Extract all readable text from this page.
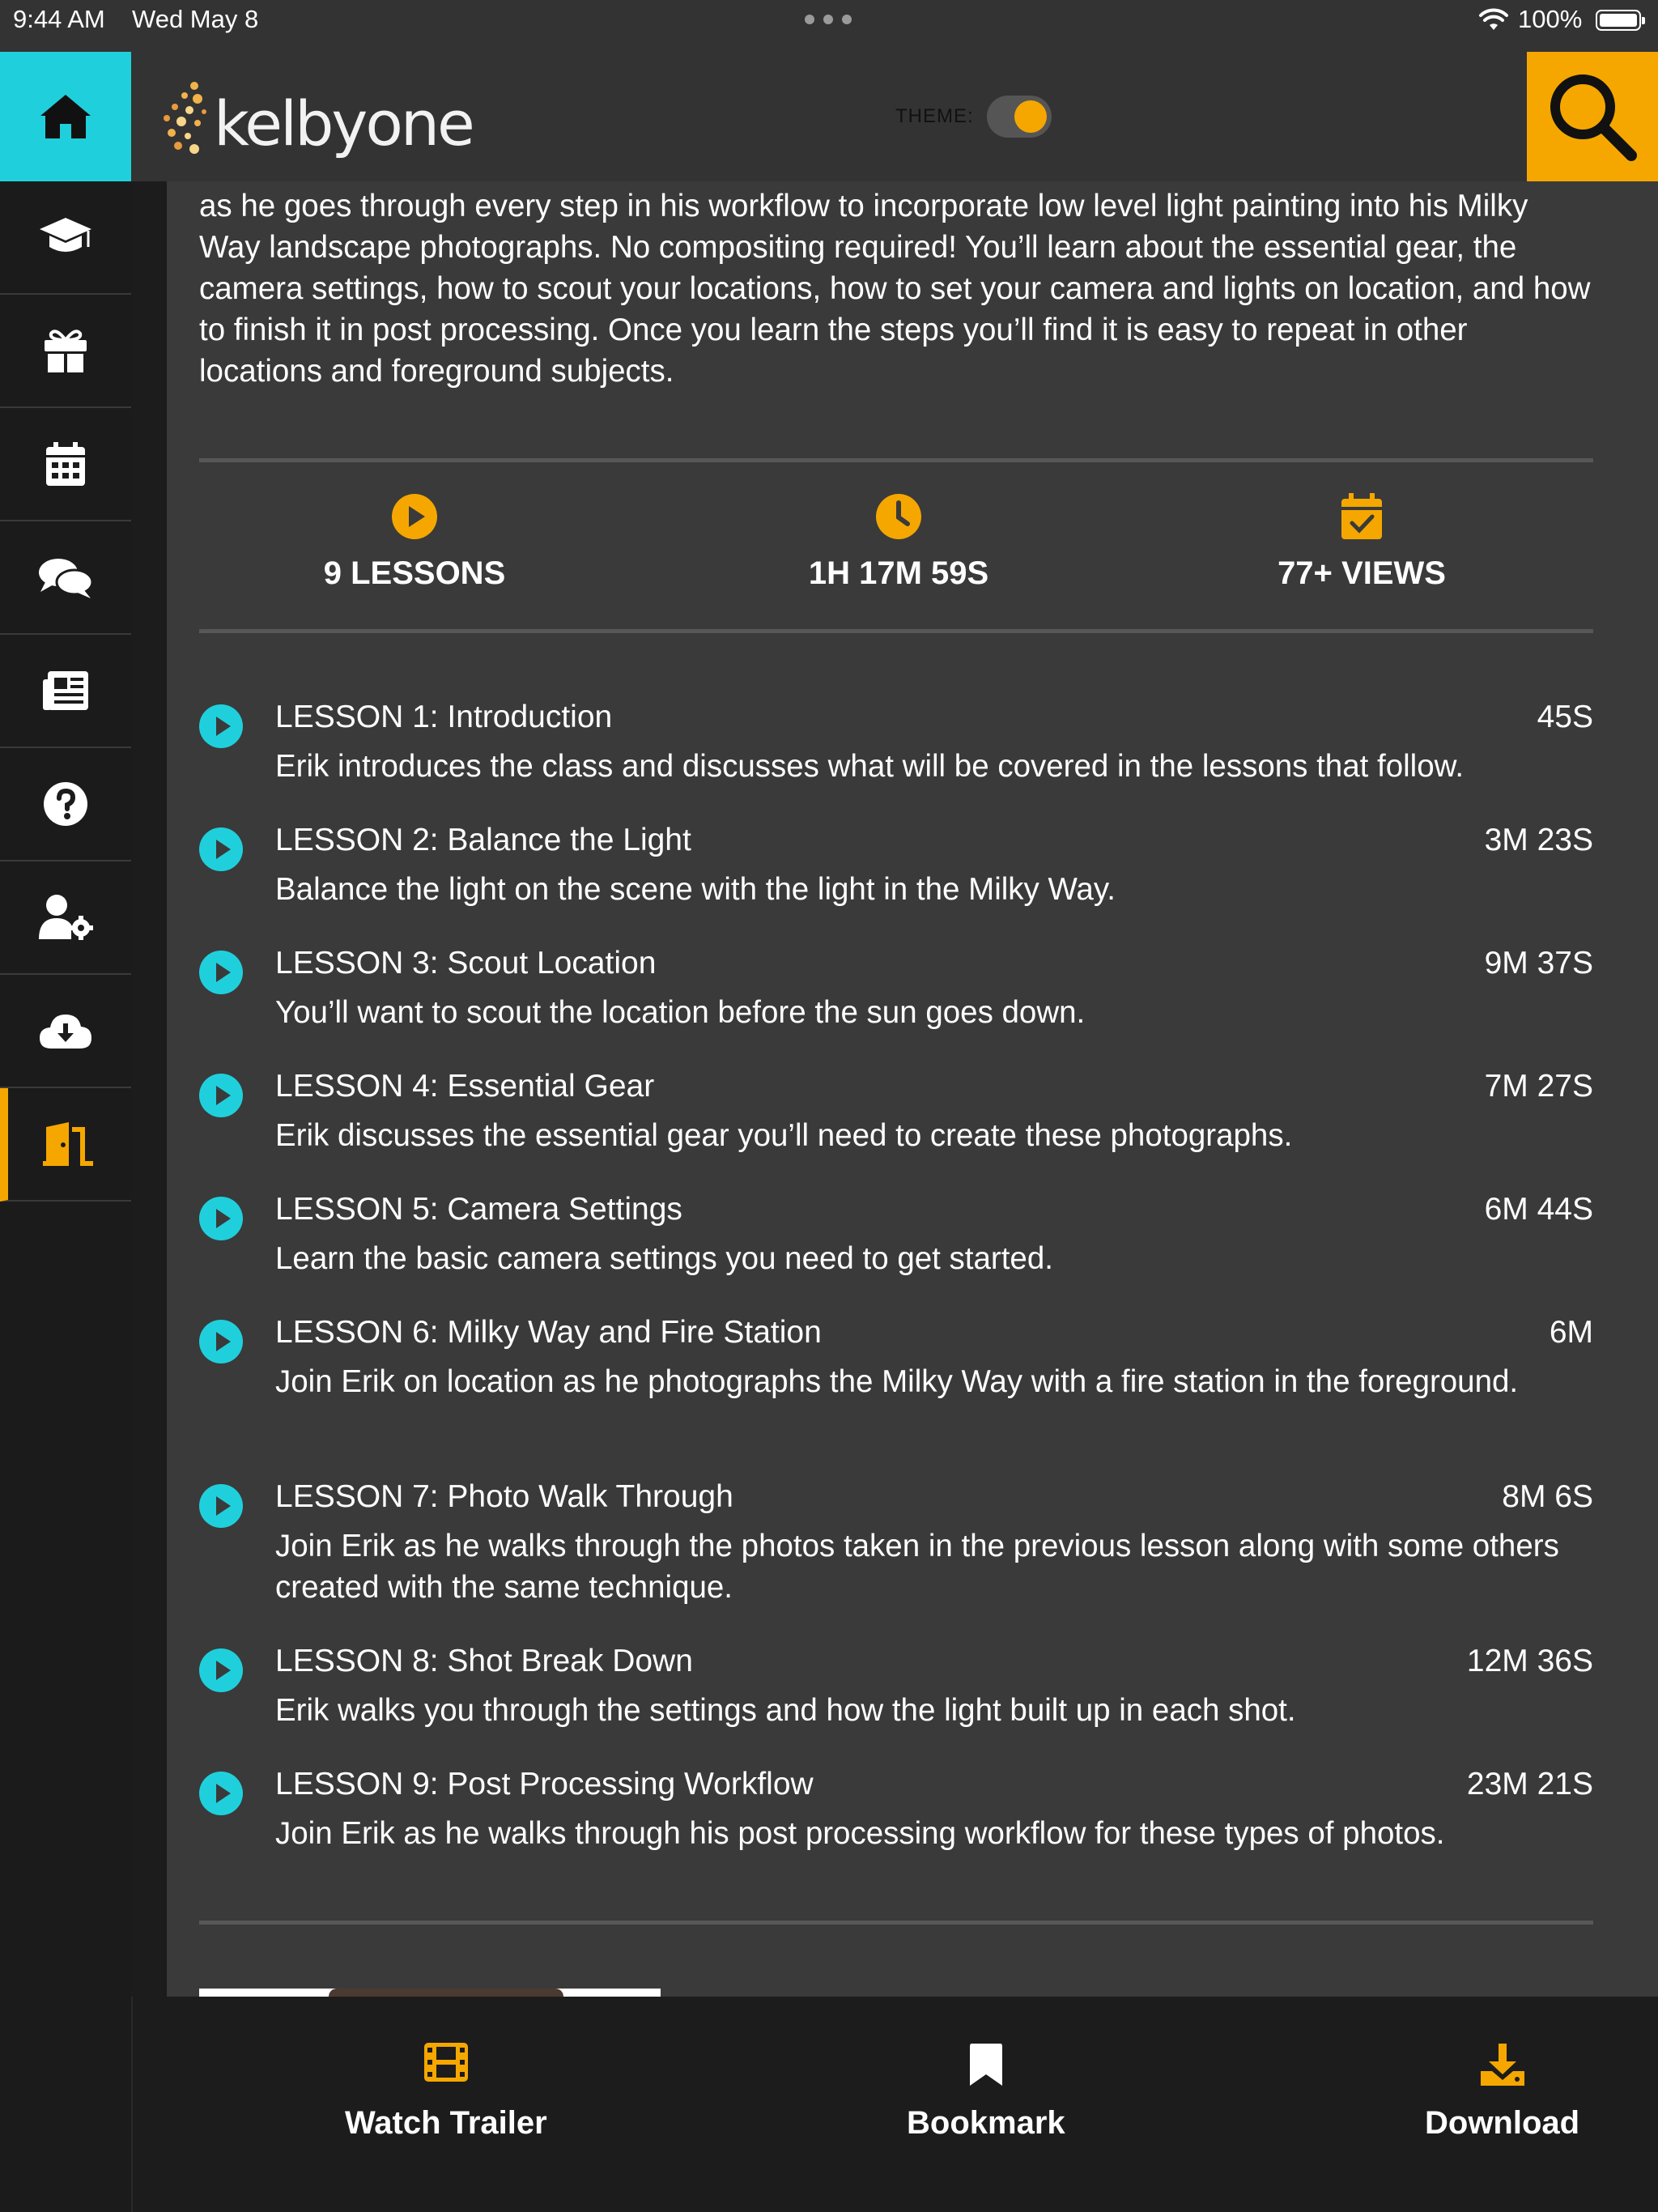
9:44 AM Wed May 8	100%
kelbyone	THEME:
as he goes through every step in his workflow to incorporate low level light painting into his Milky Way landscape photographs. No compositing required! You’ll learn about the essential gear, the camera settings, how to scout your locations, how to set your camera and lights on location, and how to finish it in post processing. Once you learn the steps you’ll find it is easy to repeat in other locations and foreground subjects.
9 LESSONS	1H 17M 59S	77+ VIEWS
LESSON 1: Introduction	45S
Erik introduces the class and discusses what will be covered in the lessons that follow.
LESSON 2: Balance the Light	3M 23S
Balance the light on the scene with the light in the Milky Way.
LESSON 3: Scout Location	9M 37S
You’ll want to scout the location before the sun goes down.
LESSON 4: Essential Gear	7M 27S
Erik discusses the essential gear you’ll need to create these photographs.
LESSON 5: Camera Settings	6M 44S
Learn the basic camera settings you need to get started.
LESSON 6: Milky Way and Fire Station	6M
Join Erik on location as he photographs the Milky Way with a fire station in the foreground.
LESSON 7: Photo Walk Through	8M 6S
Join Erik as he walks through the photos taken in the previous lesson along with some others created with the same technique.
LESSON 8: Shot Break Down	12M 36S
Erik walks you through the settings and how the light built up in each shot.
LESSON 9: Post Processing Workflow	23M 21S
Join Erik as he walks through his post processing workflow for these types of photos.
Watch Trailer	Bookmark	Download
